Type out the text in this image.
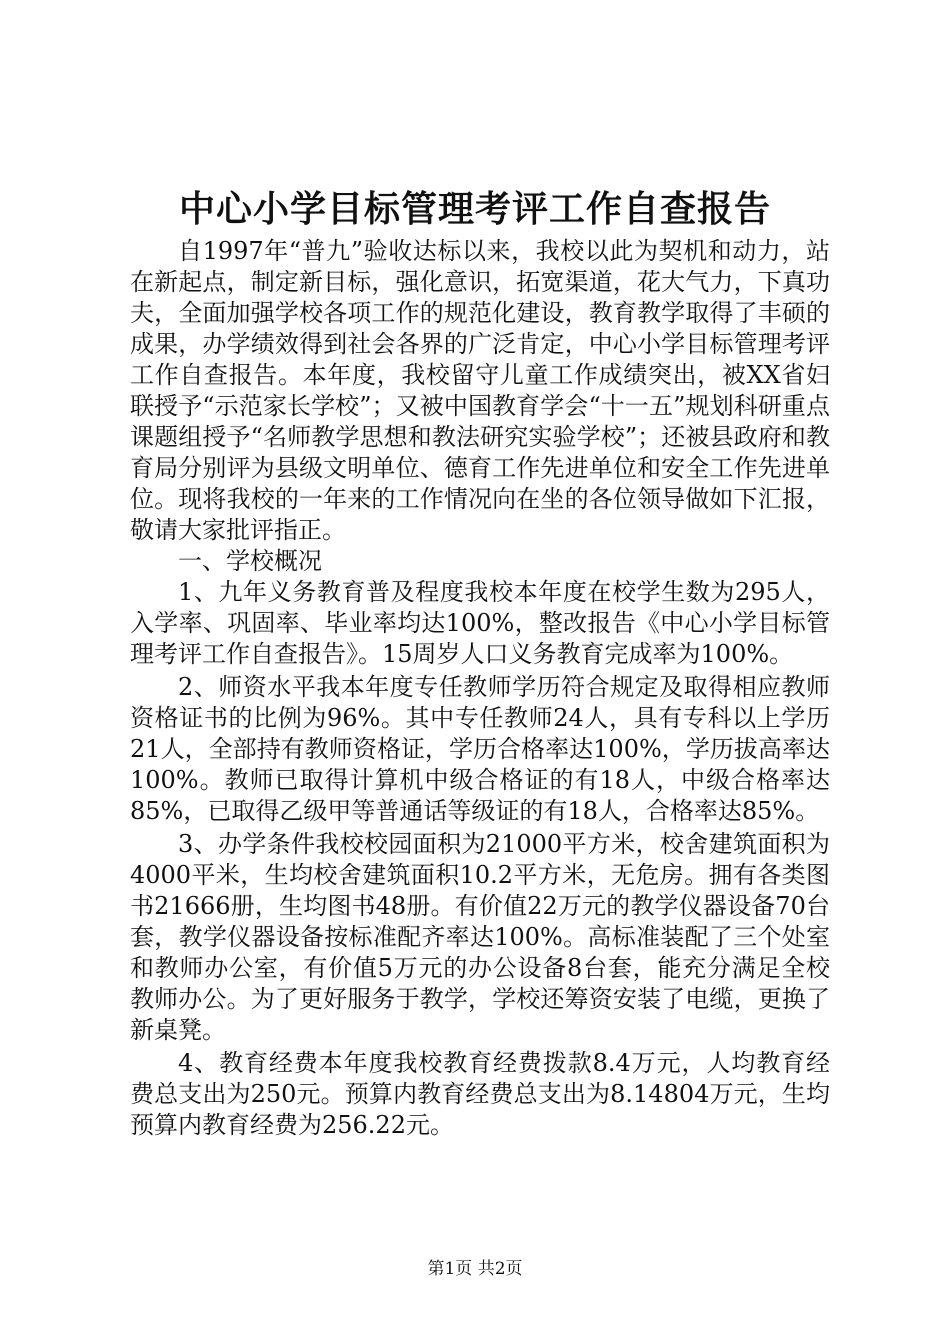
中心小学目标管理考评工作自查报告

自1997年“普九”验收达标以来，我校以此为契机和动力，站在新起点，制定新目标，强化意识，拓宽渠道，花大气力，下真功夫，全面加强学校各项工作的规范化建设，教育教学取得了丰硕的成果，办学绩效得到社会各界的广泛肯定，中心小学目标管理考评工作自查报告。本年度，我校留守儿童工作成绩突出，被XX省妇联授予“示范家长学校”；又被中国教育学会“十一五”规划科研重点课题组授予“名师教学思想和教法研究实验学校”；还被县政府和教育局分别评为县级文明单位、德育工作先进单位和安全工作先进单位。现将我校的一年来的工作情况向在坐的各位领导做如下汇报，敬请大家批评指正。

一、学校概况

1、九年义务教育普及程度我校本年度在校学生数为295人，入学率、巩固率、毕业率均达100%，整改报告《中心小学目标管理考评工作自查报告》。15周岁人口义务教育完成率为100%。

2、师资水平我本年度专任教师学历符合规定及取得相应教师资格证书的比例为96%。其中专任教师24人，具有专科以上学历21人，全部持有教师资格证，学历合格率达100%，学历拔高率达100%。教师已取得计算机中级合格证的有18人，中级合格率达85%，已取得乙级甲等普通话等级证的有18人，合格率达85%。

3、办学条件我校校园面积为21000平方米，校舍建筑面积为4000平米，生均校舍建筑面积10.2平方米，无危房。拥有各类图书21666册，生均图书48册。有价值22万元的教学仪器设备70台套，教学仪器设备按标准配齐率达100%。高标准装配了三个处室和教师办公室，有价值5万元的办公设备8台套，能充分满足全校教师办公。为了更好服务于教学，学校还筹资安装了电缆，更换了新桌凳。

4、教育经费本年度我校教育经费拨款8.4万元，人均教育经费总支出为250元。预算内教育经费总支出为8.14804万元，生均预算内教育经费为256.22元。

第1页 共2页
